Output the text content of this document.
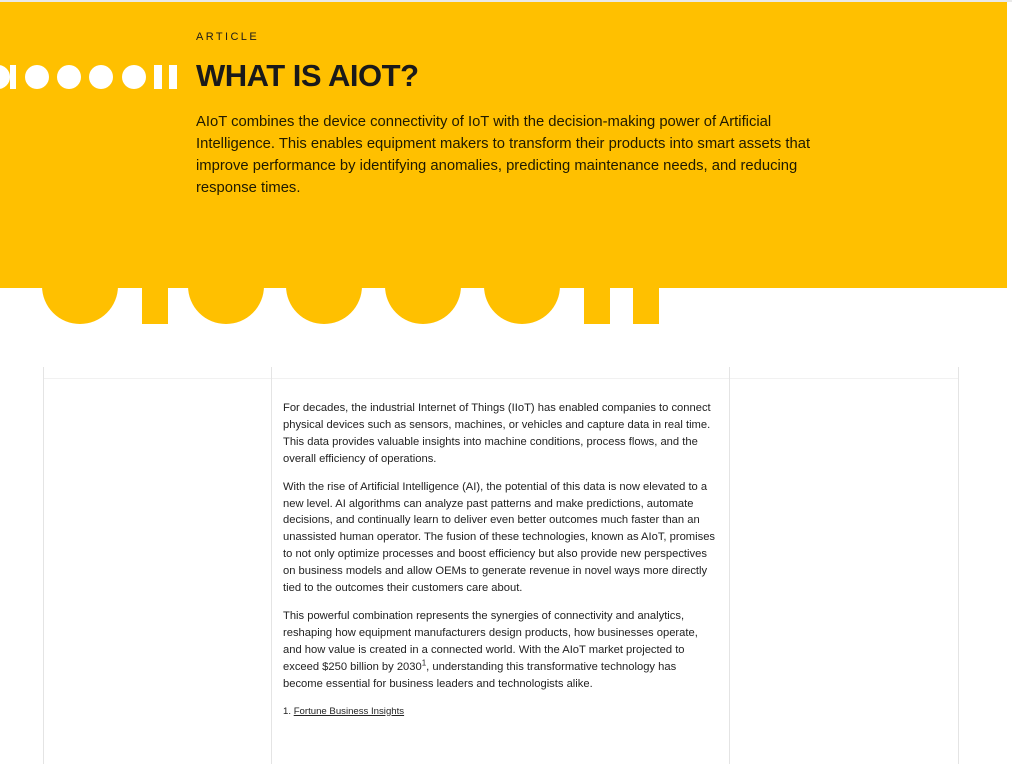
ARTICLE
WHAT IS AIOT?

AIoT combines the device connectivity of IoT with the decision-making power of Artificial Intelligence. This enables equipment makers to transform their products into smart assets that improve performance by identifying anomalies, predicting maintenance needs, and reducing response times.

For decades, the industrial Internet of Things (IIoT) has enabled companies to connect physical devices such as sensors, machines, or vehicles and capture data in real time. This data provides valuable insights into machine conditions, process flows, and the overall efficiency of operations.

With the rise of Artificial Intelligence (AI), the potential of this data is now elevated to a new level. AI algorithms can analyze past patterns and make predictions, automate decisions, and continually learn to deliver even better outcomes much faster than an unassisted human operator. The fusion of these technologies, known as AIoT, promises to not only optimize processes and boost efficiency but also provide new perspectives on business models and allow OEMs to generate revenue in novel ways more directly tied to the outcomes their customers care about.

This powerful combination represents the synergies of connectivity and analytics, reshaping how equipment manufacturers design products, how businesses operate, and how value is created in a connected world. With the AIoT market projected to exceed $250 billion by 2030$^1$, understanding this transformative technology has become essential for business leaders and technologists alike.

1. Fortune Business Insights
